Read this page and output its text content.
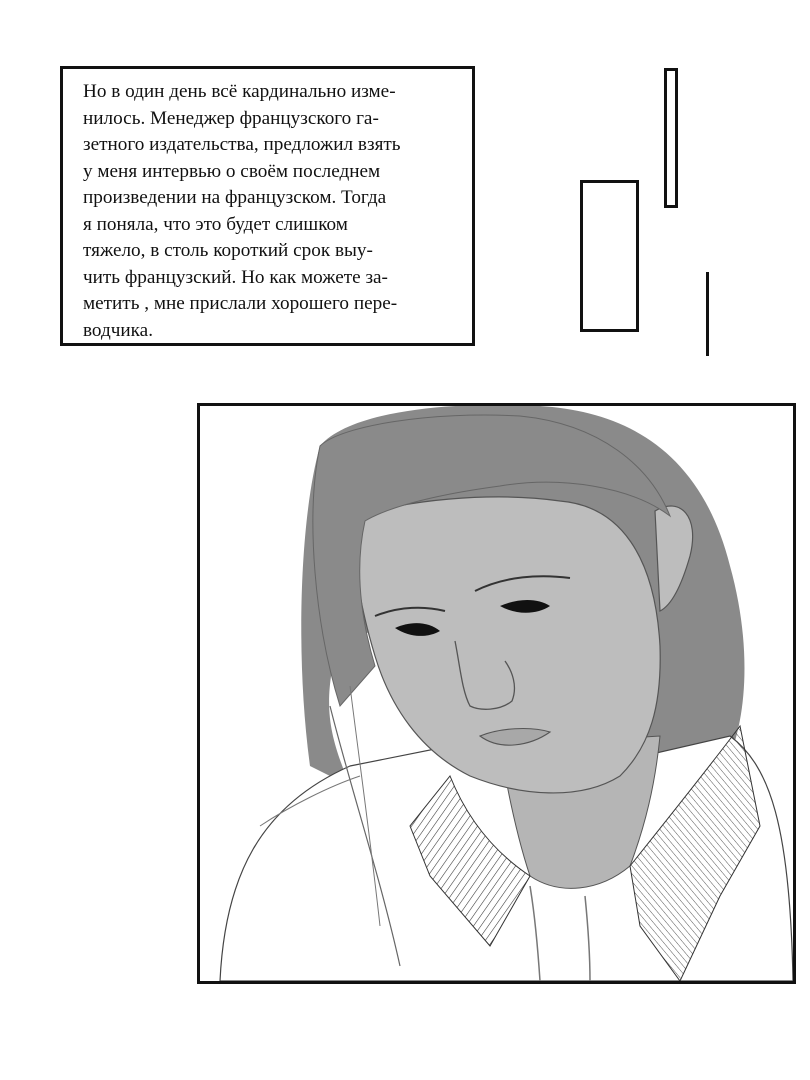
Но в один день всё кардинально изме-
нилось. Менеджер французского га-
зетного издательства, предложил взять
у меня интервью о своём последнем
произведении на французском. Тогда
я поняла, что это будет слишком
тяжело, в столь короткий срок выу-
чить французский. Но как можете за-
метить , мне прислали хорошего пере-
водчика.
